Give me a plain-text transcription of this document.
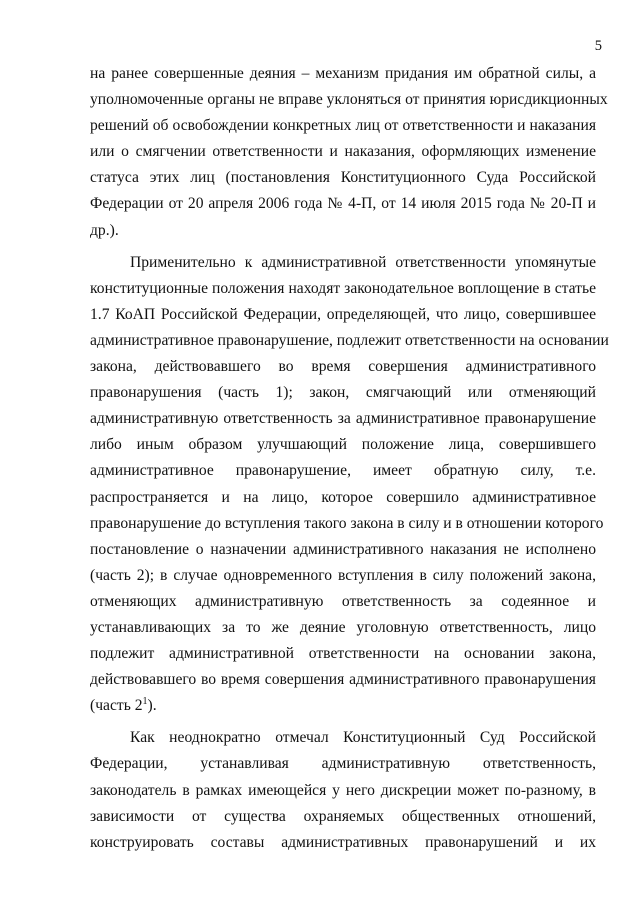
5
на ранее совершенные деяния – механизм придания им обратной силы, а
уполномоченные органы не вправе уклоняться от принятия юрисдикционных
решений об освобождении конкретных лиц от ответственности и наказания
или о смягчении ответственности и наказания, оформляющих изменение
статуса этих лиц (постановления Конституционного Суда Российской
Федерации от 20 апреля 2006 года № 4-П, от 14 июля 2015 года № 20-П и
др.).
Применительно к административной ответственности упомянутые
конституционные положения находят законодательное воплощение в статье
1.7 КоАП Российской Федерации, определяющей, что лицо, совершившее
административное правонарушение, подлежит ответственности на основании
закона, действовавшего во время совершения административного
правонарушения (часть 1); закон, смягчающий или отменяющий
административную ответственность за административное правонарушение
либо иным образом улучшающий положение лица, совершившего
административное правонарушение, имеет обратную силу, т.е.
распространяется и на лицо, которое совершило административное
правонарушение до вступления такого закона в силу и в отношении которого
постановление о назначении административного наказания не исполнено
(часть 2); в случае одновременного вступления в силу положений закона,
отменяющих административную ответственность за содеянное и
устанавливающих за то же деяние уголовную ответственность, лицо
подлежит административной ответственности на основании закона,
действовавшего во время совершения административного правонарушения
(часть 2$^1$).
Как неоднократно отмечал Конституционный Суд Российской
Федерации, устанавливая административную ответственность,
законодатель в рамках имеющейся у него дискреции может по-разному, в
зависимости от существа охраняемых общественных отношений,
конструировать составы административных правонарушений и их
